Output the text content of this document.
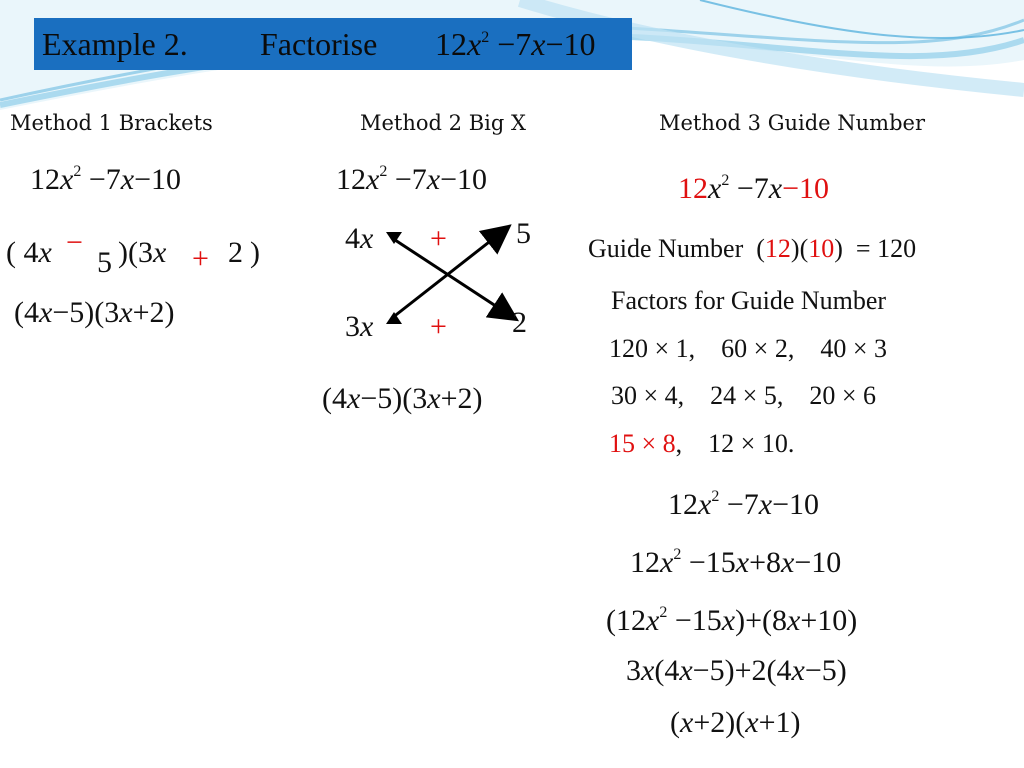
Example 2.	Factorise	$12x^2 -7x-10$
Method 1 Brackets	Method 2 Big X	Method 3 Guide Number
$12x^2 -7x-10$
( 4x −
5 )(3x + 2 )
(4x−5)(3x+2)
$12x^2 -7x-10$
4x + 5
3x + 2
(4x−5)(3x+2)
$12x^2 -7x-10$
Guide Number (12)(10) = 120
Factors for Guide Number
120 × 1,    60 × 2,    40 × 3
30 × 4,    24 × 5,    20 × 6
15 × 8,    12 × 10.
$12x^2 -7x-10$
$12x^2 -15x+8x-10$
$(12x^2 -15x)+(8x+10)$
3x(4x−5)+2(4x−5)
(x+2)(x+1)
